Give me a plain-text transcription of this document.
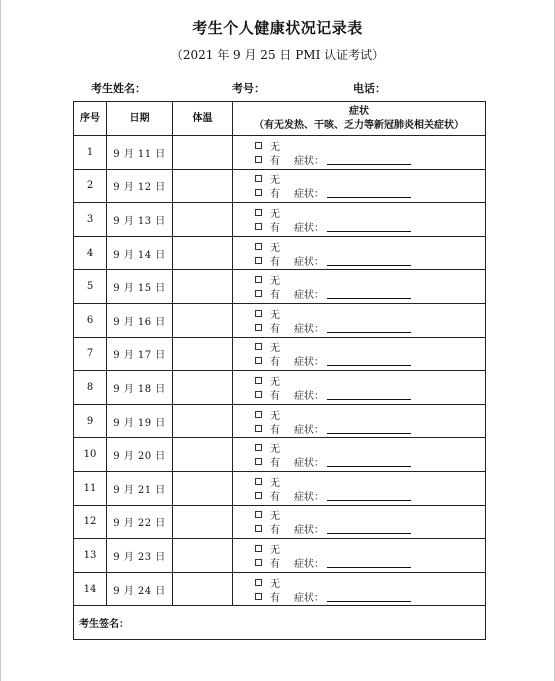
考生个人健康状况记录表
（2021 年 9 月 25 日 PMI 认证考试）
考生姓名：	考号：	电话：
序号	日期	体温	症状
（有无发热、干咳、乏力等新冠肺炎相关症状）

1	9 月 11 日		无
有 症状：

2	9 月 12 日		无
有 症状：

3	9 月 13 日		无
有 症状：

4	9 月 14 日		无
有 症状：

5	9 月 15 日		无
有 症状：

6	9 月 16 日		无
有 症状：

7	9 月 17 日		无
有 症状：

8	9 月 18 日		无
有 症状：

9	9 月 19 日		无
有 症状：

10	9 月 20 日		无
有 症状：

11	9 月 21 日		无
有 症状：

12	9 月 22 日		无
有 症状：

13	9 月 23 日		无
有 症状：

14	9 月 24 日		无
有 症状：

考生签名：			
